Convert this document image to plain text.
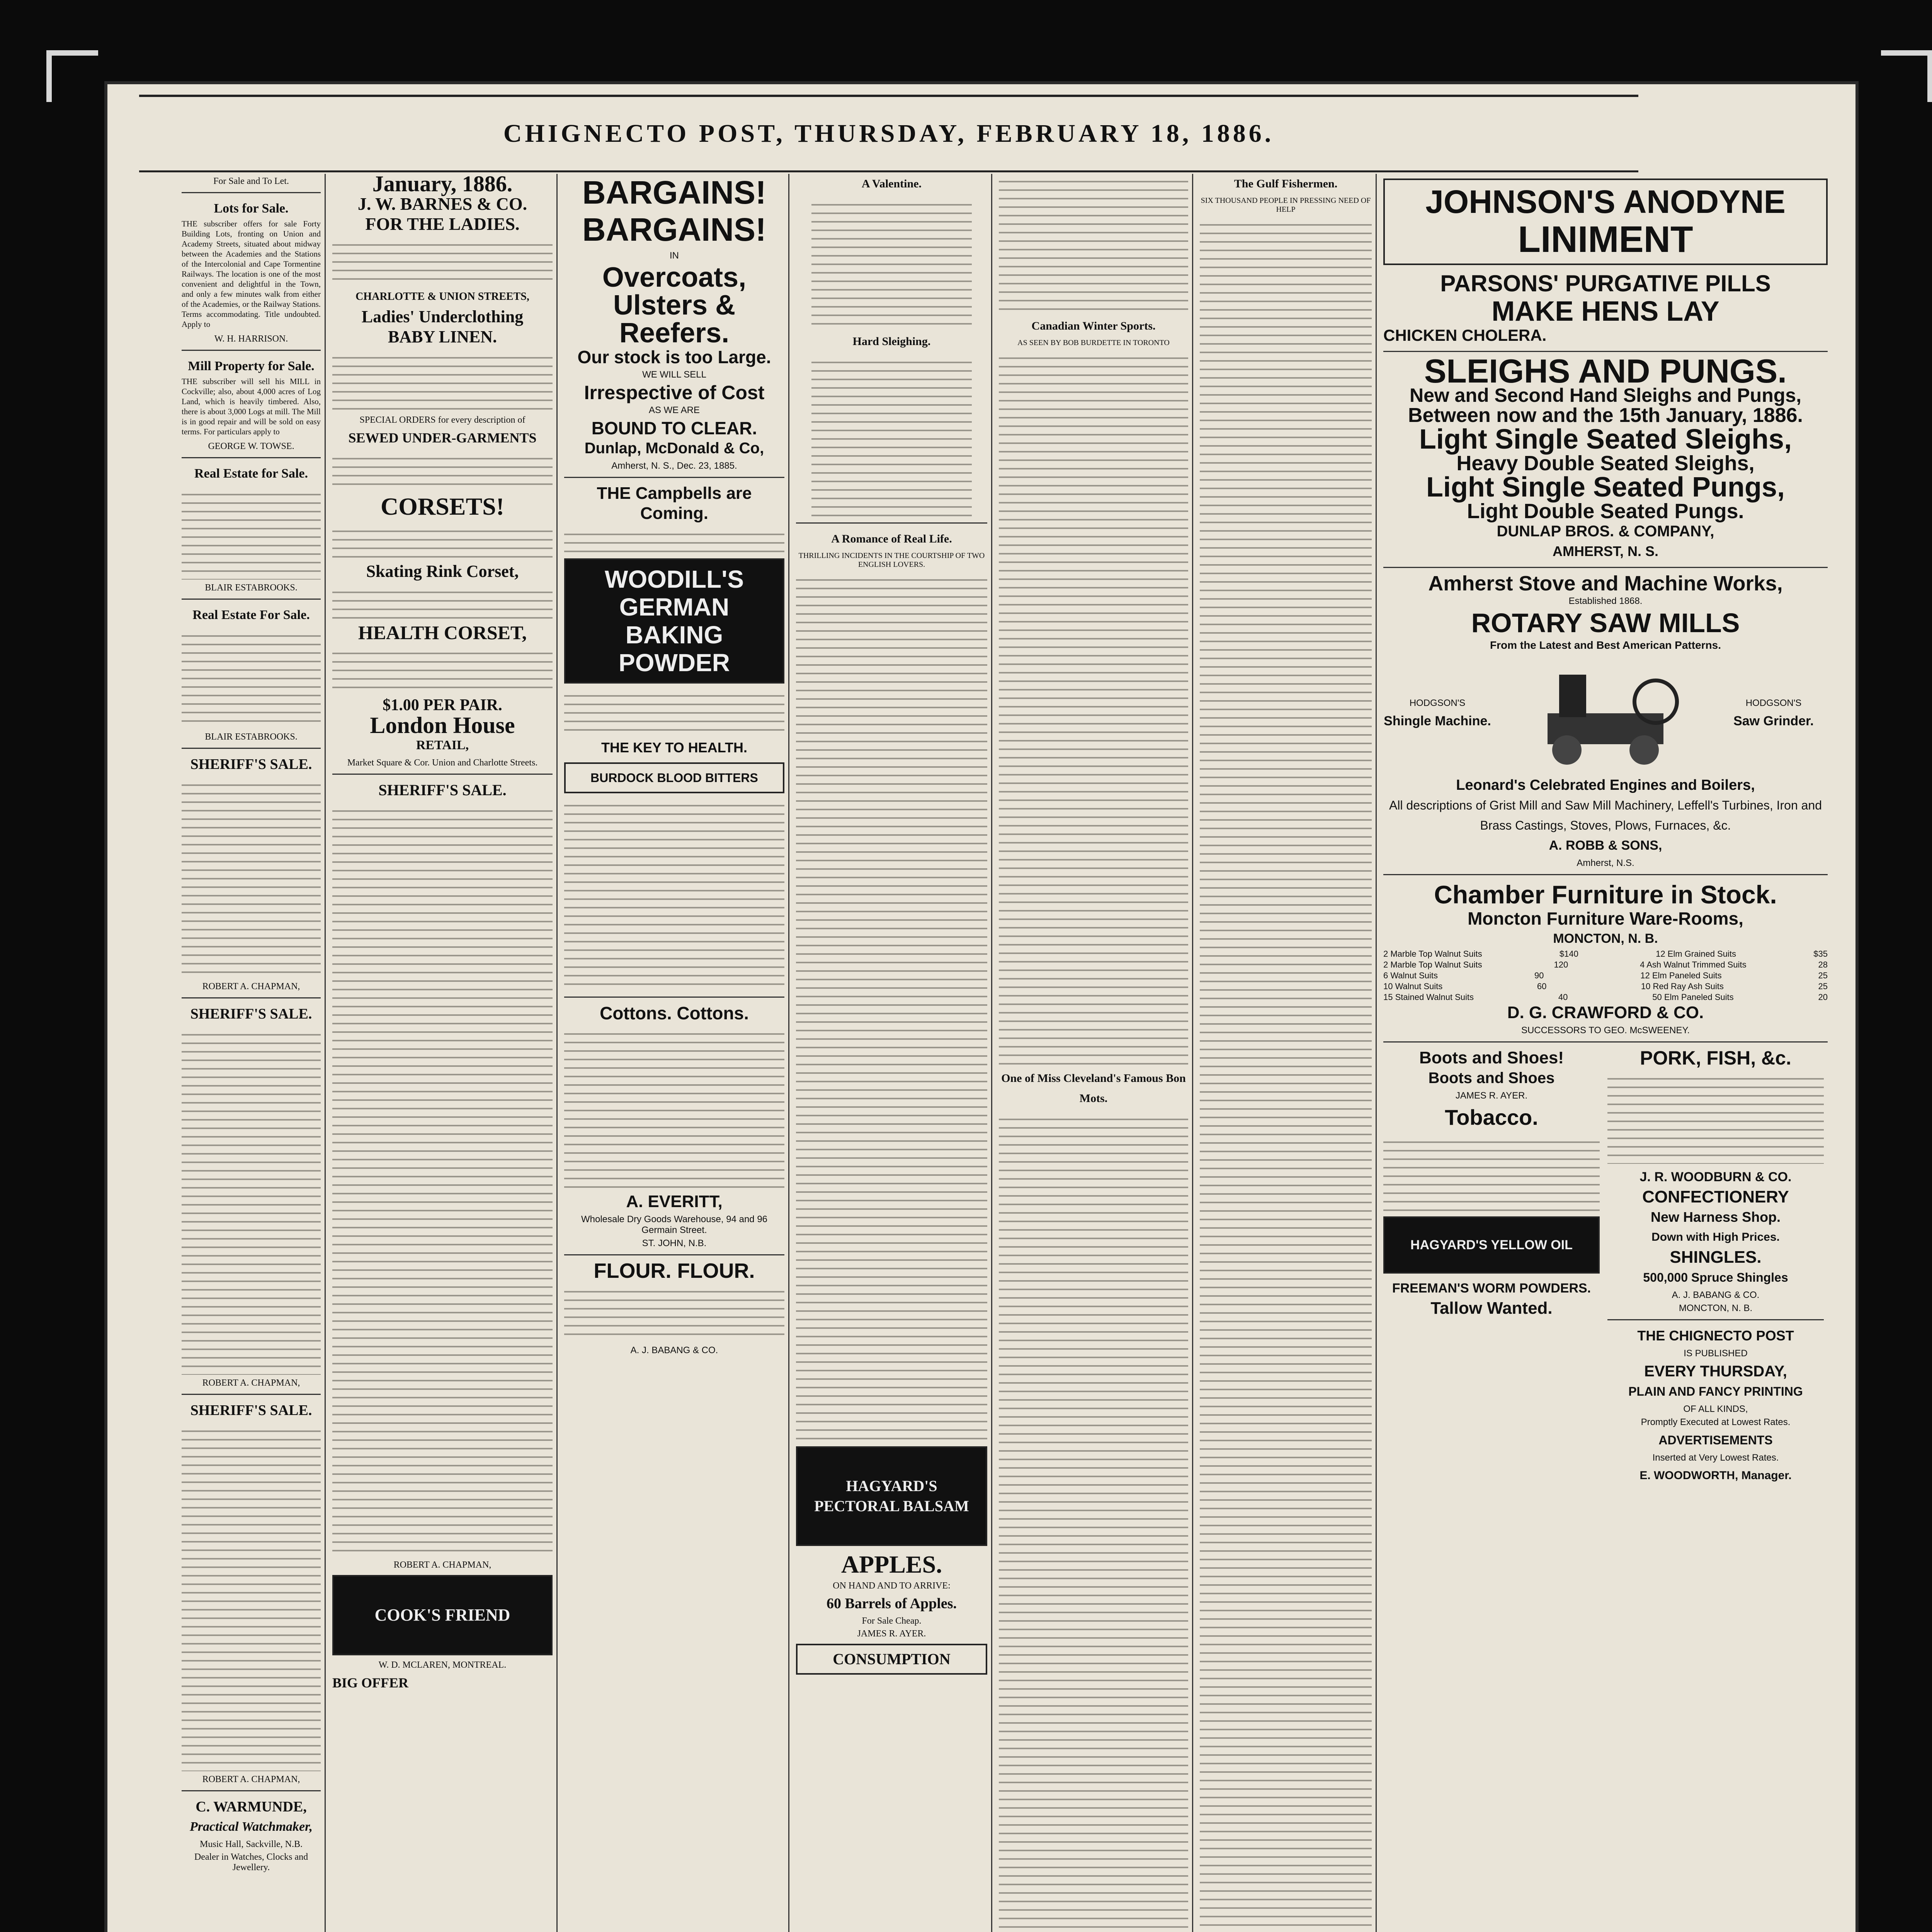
CHIGNECTO POST, THURSDAY, FEBRUARY 18, 1886.
For Sale and To Let.
Lots for Sale.

THE subscriber offers for sale Forty Building Lots, fronting on Union and Academy Streets, situated about midway between the Academies and the Stations of the Intercolonial and Cape Tormentine Railways. The location is one of the most convenient and delightful in the Town, and only a few minutes walk from either of the Academies, or the Railway Stations. Terms accommodating. Title undoubted. Apply to

W. H. HARRISON.
Mill Property for Sale.

THE subscriber will sell his MILL in Cockville; also, about 4,000 acres of Log Land, which is heavily timbered. Also, there is about 3,000 Logs at mill. The Mill is in good repair and will be sold on easy terms. For particulars apply to

GEORGE W. TOWSE.
Real Estate for Sale.
BLAIR ESTABROOKS.
Real Estate For Sale.
BLAIR ESTABROOKS.
SHERIFF'S SALE.
ROBERT A. CHAPMAN,
SHERIFF'S SALE.
ROBERT A. CHAPMAN,
SHERIFF'S SALE.
ROBERT A. CHAPMAN,
C. WARMUNDE,
Practical Watchmaker,
Music Hall, Sackville, N.B.
Dealer in Watches, Clocks and Jewellery.
January, 1886.
J. W. BARNES & CO.
FOR THE LADIES.
CHARLOTTE & UNION STREETS,
Ladies' Underclothing
BABY LINEN.
SPECIAL ORDERS for every description of
SEWED UNDER-GARMENTS
CORSETS!
Skating Rink Corset,
HEALTH CORSET,
$1.00 PER PAIR.
London House
RETAIL,
Market Square & Cor. Union and Charlotte Streets.
SHERIFF'S SALE.
ROBERT A. CHAPMAN,
COOK'S FRIEND
W. D. MCLAREN, MONTREAL.
BIG OFFER
BARGAINS!
BARGAINS!
IN
Overcoats,
Ulsters &
Reefers.
Our stock is too Large.
WE WILL SELL
Irrespective of Cost
AS WE ARE
BOUND TO CLEAR.
Dunlap, McDonald & Co,
Amherst, N. S., Dec. 23, 1885.
THE Campbells are Coming.
WOODILL'S
GERMAN
BAKING
POWDER
THE KEY TO HEALTH.
BURDOCK BLOOD BITTERS
Cottons. Cottons.
A. EVERITT,
Wholesale Dry Goods Warehouse, 94 and 96 Germain Street.
ST. JOHN, N.B.
FLOUR. FLOUR.
A. J. BABANG & CO.
A Valentine.
Hard Sleighing.
A Romance of Real Life.
THRILLING INCIDENTS IN THE COURTSHIP OF TWO ENGLISH LOVERS.
HAGYARD'S PECTORAL BALSAM
APPLES.
ON HAND AND TO ARRIVE:
60 Barrels of Apples.
For Sale Cheap.
JAMES R. AYER.
CONSUMPTION
Canadian Winter Sports.
AS SEEN BY BOB BURDETTE IN TORONTO
One of Miss Cleveland's Famous Bon Mots.
The Gulf Fishermen.
SIX THOUSAND PEOPLE IN PRESSING NEED OF HELP	JOHNSON'S ANODYNE
LINIMENT
PARSONS' PURGATIVE PILLS
MAKE HENS LAY
CHICKEN CHOLERA.
SLEIGHS AND PUNGS.
New and Second Hand Sleighs and Pungs,
Between now and the 15th January, 1886.
Light Single Seated Sleighs,
Heavy Double Seated Sleighs,
Light Single Seated Pungs,
Light Double Seated Pungs.
DUNLAP BROS. & COMPANY,
AMHERST, N. S.
Amherst Stove and Machine Works,
Established 1868.
ROTARY SAW MILLS
From the Latest and Best American Patterns.
HODGSON'S
Shingle Machine.
HODGSON'S
Saw Grinder.
Leonard's Celebrated Engines and Boilers,
All descriptions of Grist Mill and Saw Mill Machinery, Leffell's Turbines, Iron and Brass Castings, Stoves, Plows, Furnaces, &c.
A. ROBB & SONS,
Amherst, N.S.
Chamber Furniture in Stock.
Moncton Furniture Ware-Rooms,
MONCTON, N. B.
2 Marble Top Walnut Suits	$140	12 Elm Grained Suits	$35
2 Marble Top Walnut Suits	120	4 Ash Walnut Trimmed Suits	28
6 Walnut Suits	90	12 Elm Paneled Suits	25
10 Walnut Suits	60	10 Red Ray Ash Suits	25
15 Stained Walnut Suits	40	50 Elm Paneled Suits	20
D. G. CRAWFORD & CO.
SUCCESSORS TO GEO. McSWEENEY.
Boots and Shoes!
Boots and Shoes
JAMES R. AYER.
Tobacco.
HAGYARD'S YELLOW OIL
FREEMAN'S WORM POWDERS.
Tallow Wanted.
PORK, FISH, &c.
J. R. WOODBURN & CO.
CONFECTIONERY
New Harness Shop.
Down with High Prices.
SHINGLES.
500,000 Spruce Shingles
A. J. BABANG & CO.
MONCTON, N. B.
THE CHIGNECTO POST
IS PUBLISHED
EVERY THURSDAY,
PLAIN AND FANCY PRINTING
OF ALL KINDS,
Promptly Executed at Lowest Rates.
ADVERTISEMENTS
Inserted at Very Lowest Rates.
E. WOODWORTH, Manager.
